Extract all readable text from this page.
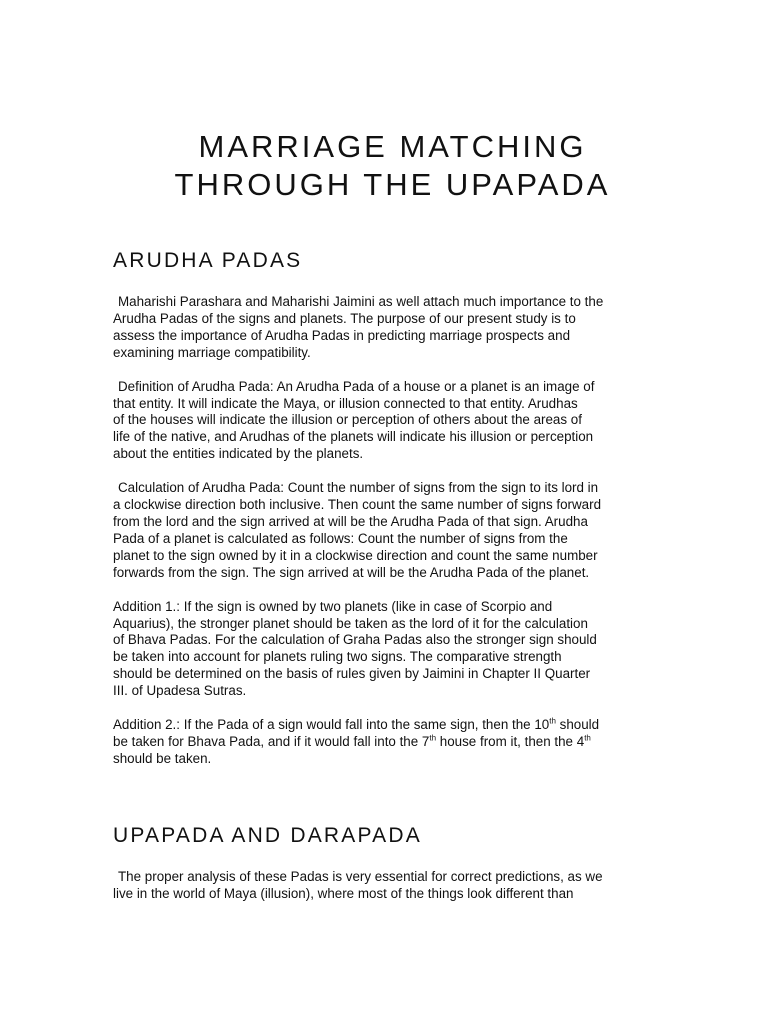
MARRIAGE MATCHING
THROUGH THE UPAPADA
ARUDHA PADAS

Maharishi Parashara and Maharishi Jaimini as well attach much importance to the
Arudha Padas of the signs and planets. The purpose of our present study is to
assess the importance of Arudha Padas in predicting marriage prospects and
examining marriage compatibility.

Definition of Arudha Pada: An Arudha Pada of a house or a planet is an image of
that entity. It will indicate the Maya, or illusion connected to that entity. Arudhas
of the houses will indicate the illusion or perception of others about the areas of
life of the native, and Arudhas of the planets will indicate his illusion or perception
about the entities indicated by the planets.

Calculation of Arudha Pada: Count the number of signs from the sign to its lord in
a clockwise direction both inclusive. Then count the same number of signs forward
from the lord and the sign arrived at will be the Arudha Pada of that sign. Arudha
Pada of a planet is calculated as follows: Count the number of signs from the
planet to the sign owned by it in a clockwise direction and count the same number
forwards from the sign. The sign arrived at will be the Arudha Pada of the planet.

Addition 1.: If the sign is owned by two planets (like in case of Scorpio and
Aquarius), the stronger planet should be taken as the lord of it for the calculation
of Bhava Padas. For the calculation of Graha Padas also the stronger sign should
be taken into account for planets ruling two signs. The comparative strength
should be determined on the basis of rules given by Jaimini in Chapter II Quarter
III. of Upadesa Sutras.

Addition 2.: If the Pada of a sign would fall into the same sign, then the 10th should
be taken for Bhava Pada, and if it would fall into the 7th house from it, then the 4th
should be taken.

UPAPADA AND DARAPADA

The proper analysis of these Padas is very essential for correct predictions, as we
live in the world of Maya (illusion), where most of the things look different than
